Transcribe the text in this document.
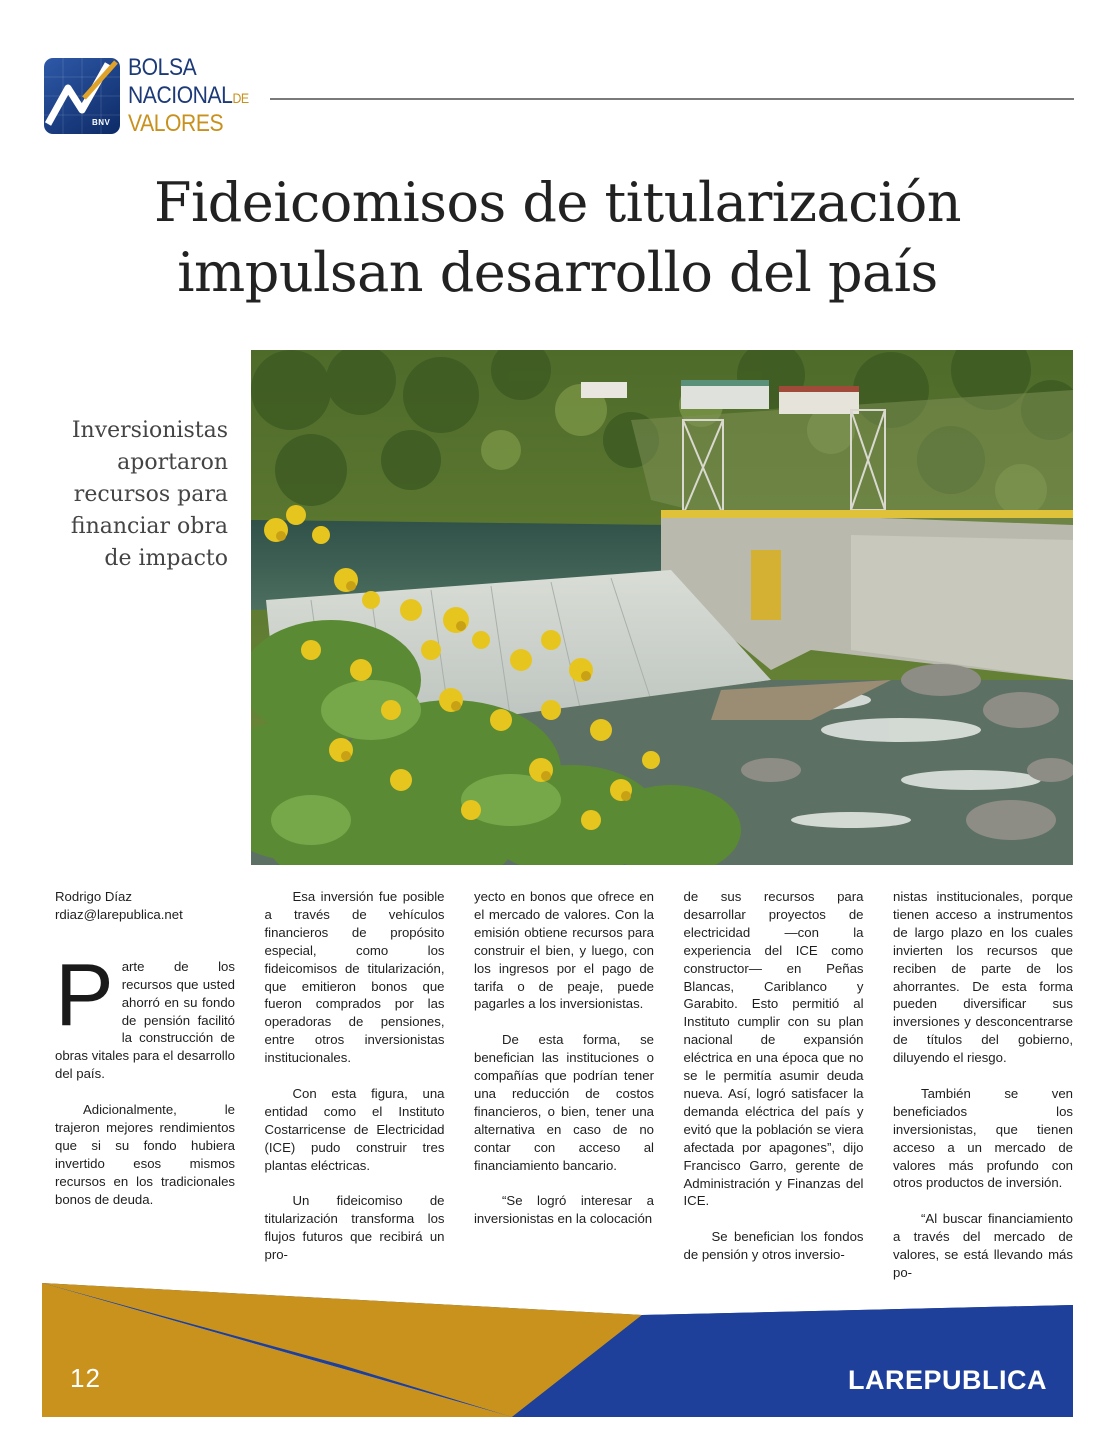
BNV
BOLSA
NACIONALDE
VALORES
Fideicomisos de titularización impulsan desarrollo del país

Inversionistas aportaron recursos para financiar obra de impacto

Rodrigo Díaz
rdiaz@larepublica.net

Parte de los recursos que usted ahorró en su fondo de pensión facilitó la construcción de obras vitales para el desarrollo del país.

Adicionalmente, le trajeron mejores rendimientos que si su fondo hubiera invertido esos mismos recursos en los tradicionales bonos de deuda.

Esa inversión fue posible a través de vehículos financieros de propósito especial, como los fideicomisos de titularización, que emitieron bonos que fueron comprados por las operadoras de pensiones, entre otros inversionistas institucionales.

Con esta figura, una entidad como el Instituto Costarricense de Electricidad (ICE) pudo construir tres plantas eléctricas.

Un fideicomiso de titularización transforma los flujos futuros que recibirá un pro-

yecto en bonos que ofrece en el mercado de valores. Con la emisión obtiene recursos para construir el bien, y luego, con los ingresos por el pago de tarifa o de peaje, puede pagarles a los inversionistas.

De esta forma, se benefician las instituciones o compañías que podrían tener una reducción de costos financieros, o bien, tener una alternativa en caso de no contar con acceso al financiamiento bancario.

“Se logró interesar a inversionistas en la colocación

de sus recursos para desarrollar proyectos de electricidad —con la experiencia del ICE como constructor— en Peñas Blancas, Cariblanco y Garabito. Esto permitió al Instituto cumplir con su plan nacional de expansión eléctrica en una época que no se le permitía asumir deuda nueva. Así, logró satisfacer la demanda eléctrica del país y evitó que la población se viera afectada por apagones”, dijo Francisco Garro, gerente de Administración y Finanzas del ICE.

Se benefician los fondos de pensión y otros inversio-

nistas institucionales, porque tienen acceso a instrumentos de largo plazo en los cuales invierten los recursos que reciben de parte de los ahorrantes. De esta forma pueden diversificar sus inversiones y desconcentrarse de títulos del gobierno, diluyendo el riesgo.

También se ven beneficiados los inversionistas, que tienen acceso a un mercado de valores más profundo con otros productos de inversión.

“Al buscar financiamiento a través del mercado de valores, se está llevando más po-

12	LAREPUBLICA
